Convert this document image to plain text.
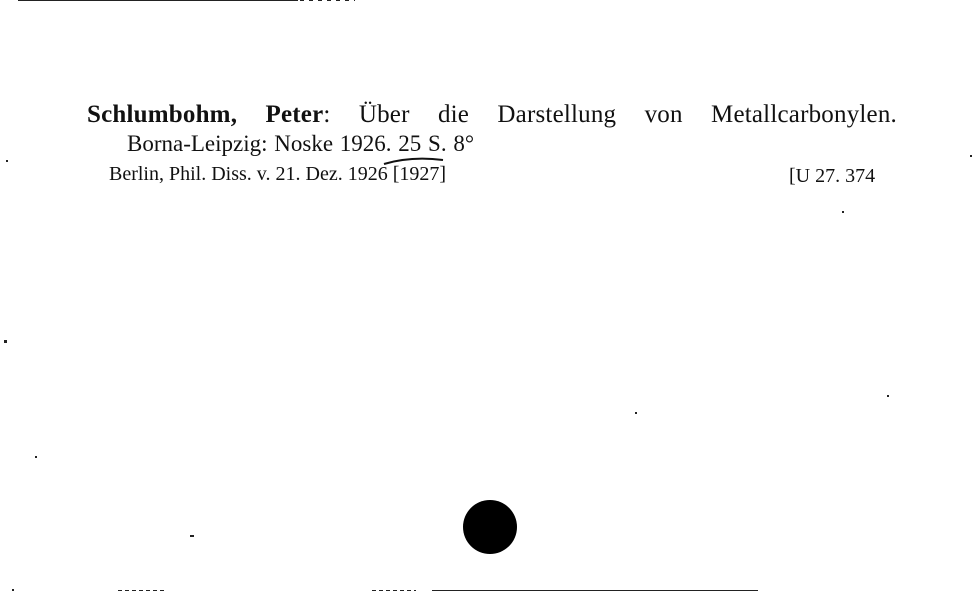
Schlumbohm, Peter: Über die Darstellung von Metallcarbonylen.
Borna-Leipzig: Noske 1926. 25 S. 8°
Berlin, Phil. Diss. v. 21. Dez. 1926 [1927]	[U 27. 374
